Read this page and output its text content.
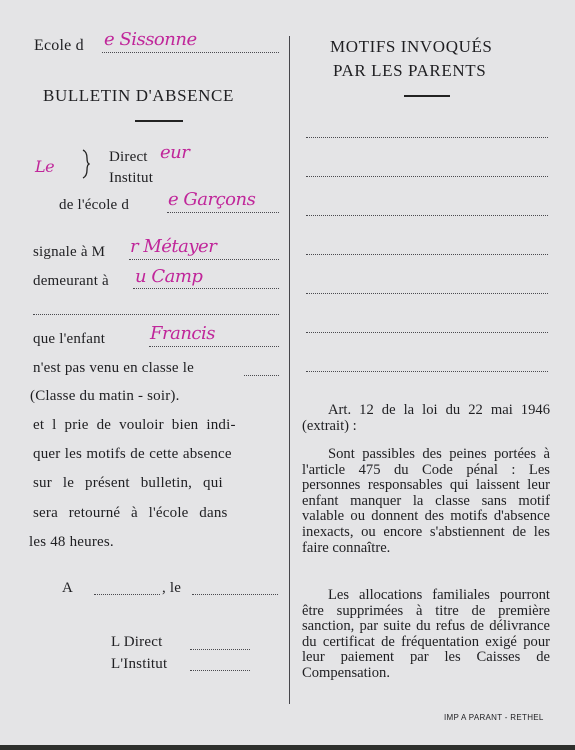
Ecole d e Sissonne
BULLETIN D'ABSENCE
Le	Direct eur
Institut
de l'école d e Garçons
signale à M r Métayer
demeurant à u Camp
que l'enfant Francis
n'est pas venu en classe le
(Classe du matin - soir).
et l prie de vouloir bien indi-
quer les motifs de cette absence
sur le présent bulletin, qui
sera retourné à l'école dans
les 48 heures.
A	, le
L Direct
L'Institut
MOTIFS INVOQUÉS
PAR LES PARENTS
Art. 12 de la loi du 22 mai 1946 (extrait) :

Sont passibles des peines portées à l'article 475 du Code pénal : Les personnes responsables qui laissent leur enfant manquer la classe sans motif valable ou donnent des motifs d'absence inexacts, ou encore s'abstiennent de les faire connaître.

Les allocations familiales pourront être supprimées à titre de première sanction, par suite du refus de délivrance du certificat de fréquentation exigé pour leur paiement par les Caisses de Compensation.

IMP A PARANT - RETHEL
